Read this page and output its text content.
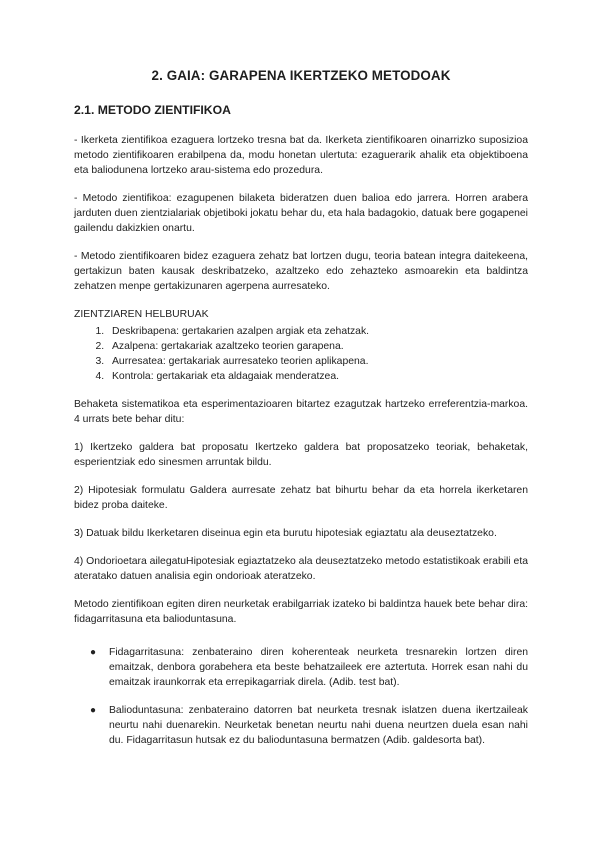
2. GAIA: GARAPENA IKERTZEKO METODOAK
2.1. METODO ZIENTIFIKOA

- Ikerketa zientifikoa ezaguera lortzeko tresna bat da. Ikerketa zientifikoaren oinarrizko suposizioa metodo zientifikoaren erabilpena da, modu honetan ulertuta: ezaguerarik ahalik eta objektiboena eta baliodunena lortzeko arau-sistema edo prozedura.

- Metodo zientifikoa: ezagupenen bilaketa bideratzen duen balioa edo jarrera. Horren arabera jarduten duen zientzialariak objetiboki jokatu behar du, eta hala badagokio, datuak bere gogapenei gailendu dakizkien onartu.

- Metodo zientifikoaren bidez ezaguera zehatz bat lortzen dugu, teoria batean integra daitekeena, gertakizun baten kausak deskribatzeko, azaltzeko edo zehazteko asmoarekin eta baldintza zehatzen menpe gertakizunaren agerpena aurresateko.

ZIENTZIAREN HELBURUAK
1. Deskribapena: gertakarien azalpen argiak eta zehatzak.
2. Azalpena: gertakariak azaltzeko teorien garapena.
3. Aurresatea: gertakariak aurresateko teorien aplikapena.
4. Kontrola: gertakariak eta aldagaiak menderatzea.

Behaketa sistematikoa eta esperimentazioaren bitartez ezagutzak hartzeko erreferentzia-markoa. 4 urrats bete behar ditu:

1) Ikertzeko galdera bat proposatu Ikertzeko galdera bat proposatzeko teoriak, behaketak, esperientziak edo sinesmen arruntak bildu.

2) Hipotesiak formulatu Galdera aurresate zehatz bat bihurtu behar da eta horrela ikerketaren bidez proba daiteke.

3) Datuak bildu Ikerketaren diseinua egin eta burutu hipotesiak egiaztatu ala deuseztatzeko.

4) Ondorioetara ailegatuHipotesiak egiaztatzeko ala deuseztatzeko metodo estatistikoak erabili eta ateratako datuen analisia egin ondorioak ateratzeko.

Metodo zientifikoan egiten diren neurketak erabilgarriak izateko bi baldintza hauek bete behar dira: fidagarritasuna eta balioduntasuna.

● Fidagarritasuna: zenbateraino diren koherenteak neurketa tresnarekin lortzen diren emaitzak, denbora gorabehera eta beste behatzaileek ere aztertuta. Horrek esan nahi du emaitzak iraunkorrak eta errepikagarriak direla. (Adib. test bat).
● Balioduntasuna: zenbateraino datorren bat neurketa tresnak islatzen duena ikertzaileak neurtu nahi duenarekin. Neurketak benetan neurtu nahi duena neurtzen duela esan nahi du. Fidagarritasun hutsak ez du balioduntasuna bermatzen (Adib. galdesorta bat).
